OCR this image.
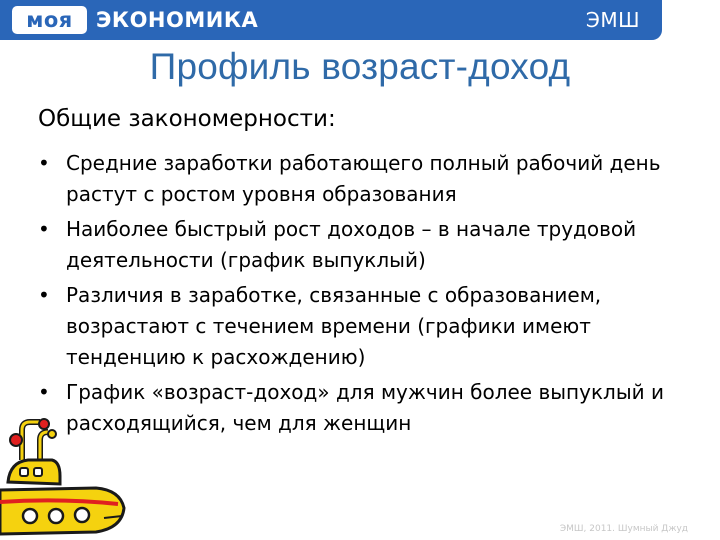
моя ЭКОНОМИКА	ЭМШ
Профиль возраст-доход
Общие закономерности:
• Средние заработки работающего полный рабочий день растут с ростом уровня образования
• Наиболее быстрый рост доходов – в начале трудовой деятельности (график выпуклый)
• Различия в заработке, связанные с образованием, возрастают с течением времени (графики имеют тенденцию к расхождению)
• График «возраст-доход» для мужчин более выпуклый и расходящийся, чем для женщин
ЭМШ, 2011. Шумный Джуд
